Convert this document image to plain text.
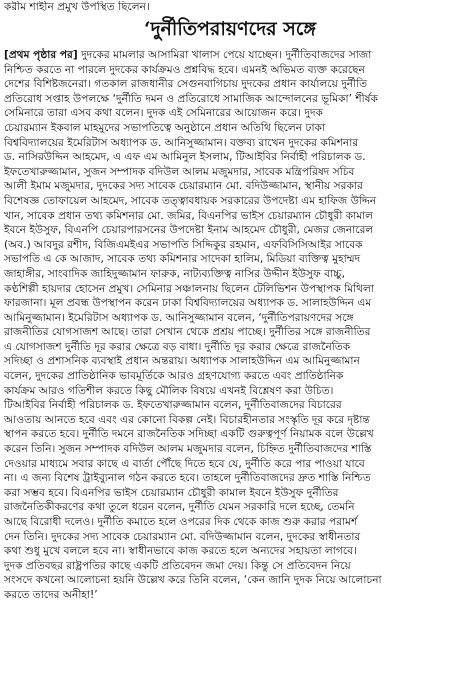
করীম শাহীন প্রমুখ উপস্থিত ছিলেন।
‘দুর্নীতিপরায়ণদের সঙ্গে
[প্রথম পৃষ্ঠার পর] দুদকের মামলার আসামিরা খালাস পেয়ে যাচ্ছেন। দুর্নীতিবাজদের সাজা
নিশ্চিত করতে না পারলে দুদকের কার্যক্রমও প্রশ্নবিদ্ধ হবে। এমনই অভিমত ব্যক্ত করেছেন
দেশের বিশিষ্টজনেরা। গতকাল রাজধানীর সেগুনবাগিচায় দুদকের প্রধান কার্যালয়ে দুর্নীতি
প্রতিরোধ সপ্তাহ উপলক্ষে ‘দুর্নীতি দমন ও প্রতিরোধে সামাজিক আন্দোলনের ভূমিকা’ শীর্ষক
সেমিনারে তারা এসব কথা বলেন। দুদক এই সেমিনারের আয়োজন করে। দুদক
চেয়ারম্যান ইকবাল মাহমুদের সভাপতিত্বে অনুষ্ঠানে প্রধান অতিথি ছিলেন ঢাকা
বিশ্ববিদ্যালয়ের ইমেরিটাস অধ্যাপক ড. আনিসুজ্জামান। বক্তব্য রাখেন দুদকের কমিশনার
ড. নাসিরউদ্দিন আহমেদ, এ এফ এম আমিনুল ইসলাম, টিআইবির নির্বাহী পরিচালক ড.
ইফতেখারুজ্জামান, সুজন সম্পাদক বদিউল আলম মজুমদার, সাবেক মন্ত্রিপরিষদ সচিব
আলী ইমাম মজুমদার, দুদকের সদ্য সাবেক চেয়ারম্যান মো. বদিউজ্জামান, স্থানীয় সরকার
বিশেষজ্ঞ তোফায়েল আহমেদ, সাবেক তত্ত্বাবধায়ক সরকারের উপদেষ্টা এম হাফিজ উদ্দিন
খান, সাবেক প্রধান তথ্য কমিশনার মো. জমির, বিএনপির ভাইস চেয়ারম্যান চৌধুরী কামাল
ইবনে ইউসুফ, বিএনপি চেয়ারপারসনের উপদেষ্টা ইনাম আহমেদ চৌধুরী, মেজর জেনারেল
(অব.) আবদুর রশীদ, বিজিএমইএর সভাপতি সিদ্দিকুর রহমান, এফবিসিসিআইর সাবেক
সভাপতি এ কে আজাদ, সাবেক তথ্য কমিশনার সাদেকা হালিম, মিডিয়া ব্যক্তিত্ব মুহাম্মদ
জাহাঙ্গীর, সাংবাদিক জাহিদুজ্জামান ফারুক, নাট্যব্যক্তিত্ব নাসির উদ্দীন ইউসুফ বাচ্চু,
কণ্ঠশিল্পী হায়দার হোসেন প্রমুখ। সেমিনার সঞ্চালনায় ছিলেন টেলিভিশন উপস্থাপক মিথিলা
ফারজানা। মূল প্রবন্ধ উপস্থাপন করেন ঢাকা বিশ্ববিদ্যালয়ের অধ্যাপক ড. সালাহউদ্দিন এম
আমিনুজ্জামান। ইমেরিটাস অধ্যাপক ড. আনিসুজ্জামান বলেন, ‘দুর্নীতিপরায়ণদের সঙ্গে
রাজনীতির যোগসাজশ আছে। তারা সেখান থেকে প্রশ্রয় পাচ্ছে। দুর্নীতির সঙ্গে রাজনীতির
এ যোগসাজশ দুর্নীতি দূর করার ক্ষেত্রে বড় বাধা। দুর্নীতি দূর করার ক্ষেত্রে রাজনৈতিক
সদিচ্ছা ও প্রশাসনিক ব্যবস্থাই প্রধান অন্তরায়। অধ্যাপক সালাহউদ্দিন এম আমিনুজ্জামান
বলেন, দুদকের প্রাতিষ্ঠানিক ভাবমূর্তিকে আরও গ্রহণযোগ্য করতে এবং প্রাতিষ্ঠানিক
কার্যক্রম আরও গতিশীল করতে কিছু মৌলিক বিষয়ে এখনই বিশ্লেষণ করা উচিত।
টিআইবির নির্বাহী পরিচালক ড. ইফতেখারুজ্জামান বলেন, দুর্নীতিবাজদের বিচারের
আওতায় আনতে হবে এবং এর কোনো বিকল্প নেই। বিচারহীনতার সংস্কৃতি দূর করে দৃষ্টান্ত
স্থাপন করতে হবে। দুর্নীতি দমনে রাজনৈতিক সদিচ্ছা একটি গুরুত্বপূর্ণ নিয়ামক বলে উল্লেখ
করেন তিনি। সুজন সম্পাদক বদিউল আলম মজুমদার বলেন, চিহ্নিত দুর্নীতিবাজদের শাস্তি
দেওয়ার মাধ্যমে সবার কাছে এ বার্তা পৌঁছে দিতে হবে যে, দুর্নীতি করে পার পাওয়া যাবে
না। এ জন্য বিশেষ ট্রাইব্যুনাল গঠন করতে হবে। তাহলে দুর্নীতিবাজদের দ্রুত শাস্তি নিশ্চিত
করা সম্ভব হবে। বিএনপির ভাইস চেয়ারম্যান চৌধুরী কামাল ইবনে ইউসুফ দুর্নীতির
রাজনৈতিকীকরণের কথা তুলে ধরেন বলেন, দুর্নীতি যেমন সরকারি দলে হচ্ছে, তেমনি
আছে বিরোধী দলেও। দুর্নীতি কমাতে হলে ওপরের দিক থেকে কাজ শুরু করার পরামর্শ
দেন তিনি। দুদকের সদ্য সাবেক চেয়ারম্যান মো. বদিউজ্জামান বলেন, দুদকের স্বাধীনতার
কথা শুধু মুখে বললে হবে না। স্বাধীনভাবে কাজ করতে হলে অন্যদের সহায়তা লাগবে।
দুদক প্রতিবছর রাষ্ট্রপতির কাছে একটি প্রতিবেদন জমা দেয়। কিন্তু সে প্রতিবেদন নিয়ে
সংসদে কখনো আলোচনা হয়নি উল্লেখ করে তিনি বলেন, ‘কেন জানি দুদক নিয়ে আলোচনা
করতে তাদের অনীহা!’
